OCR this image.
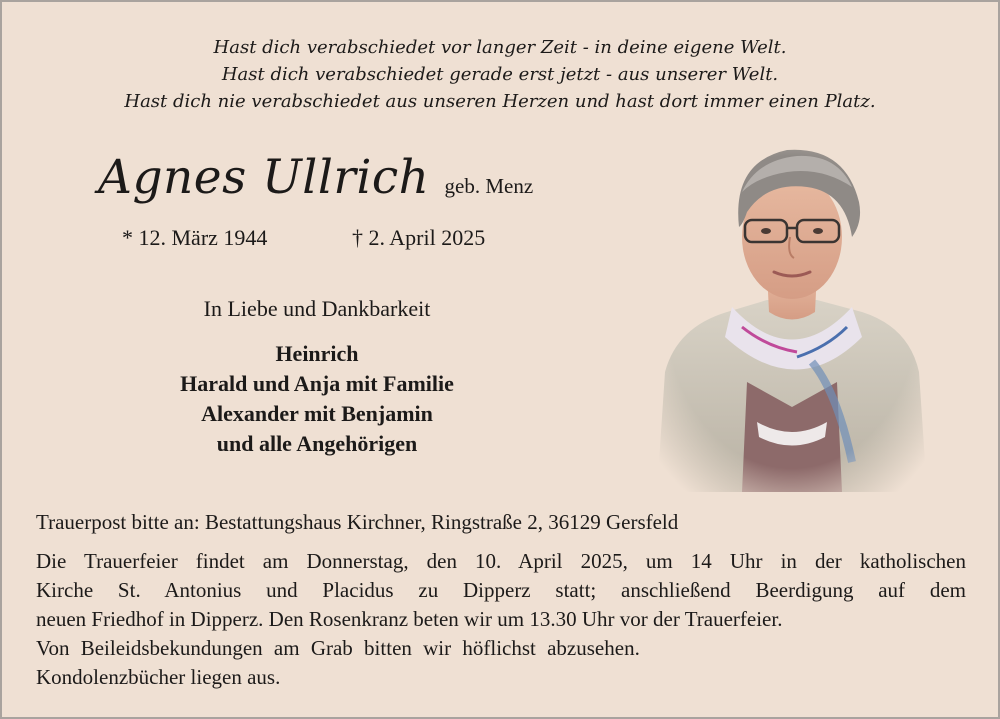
Hast dich verabschiedet vor langer Zeit - in deine eigene Welt.
Hast dich verabschiedet gerade erst jetzt - aus unserer Welt.
Hast dich nie verabschiedet aus unseren Herzen und hast dort immer einen Platz.
Agnes Ullrich geb. Menz
* 12. März 1944	† 2. April 2025
In Liebe und Dankbarkeit
Heinrich
Harald und Anja mit Familie
Alexander mit Benjamin
und alle Angehörigen
Trauerpost bitte an: Bestattungshaus Kirchner, Ringstraße 2, 36129 Gersfeld
Die Trauerfeier findet am Donnerstag, den 10. April 2025, um 14 Uhr in der katholischen
Kirche St. Antonius und Placidus zu Dipperz statt; anschließend Beerdigung auf dem
neuen Friedhof in Dipperz. Den Rosenkranz beten wir um 13.30 Uhr vor der Trauerfeier.
Von Beileidsbekundungen am Grab bitten wir höflichst abzusehen.
Kondolenzbücher liegen aus.
